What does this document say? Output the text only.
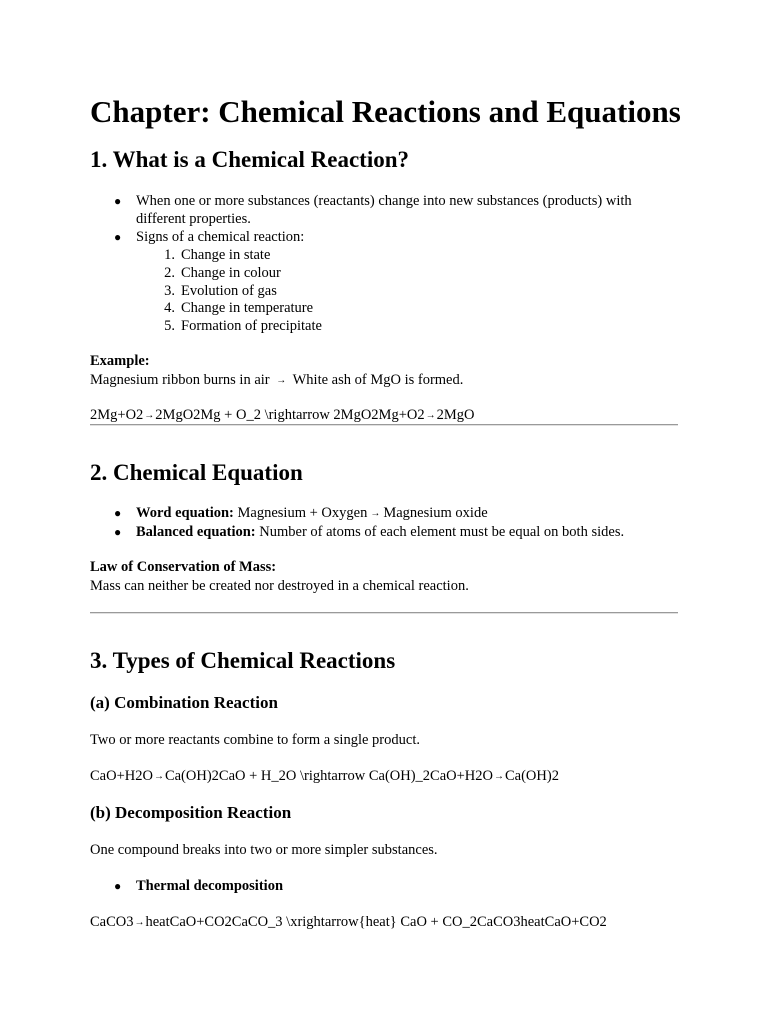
Chapter: Chemical Reactions and Equations
1. What is a Chemical Reaction?
● When one or more substances (reactants) change into new substances (products) with
different properties.
● Signs of a chemical reaction:
1. Change in state
2. Change in colour
3. Evolution of gas
4. Change in temperature
5. Formation of precipitate
Example:
Magnesium ribbon burns in air → White ash of MgO is formed.
2Mg+O2→2MgO2Mg + O_2 \rightarrow 2MgO2Mg+O2→2MgO
2. Chemical Equation
● Word equation: Magnesium + Oxygen → Magnesium oxide
● Balanced equation: Number of atoms of each element must be equal on both sides.
Law of Conservation of Mass:
Mass can neither be created nor destroyed in a chemical reaction.
3. Types of Chemical Reactions
(a) Combination Reaction
Two or more reactants combine to form a single product.
CaO+H2O→Ca(OH)2CaO + H_2O \rightarrow Ca(OH)_2CaO+H2O→Ca(OH)2
(b) Decomposition Reaction
One compound breaks into two or more simpler substances.
● Thermal decomposition
CaCO3→heatCaO+CO2CaCO_3 \xrightarrow{heat} CaO + CO_2CaCO3heatCaO+CO2
